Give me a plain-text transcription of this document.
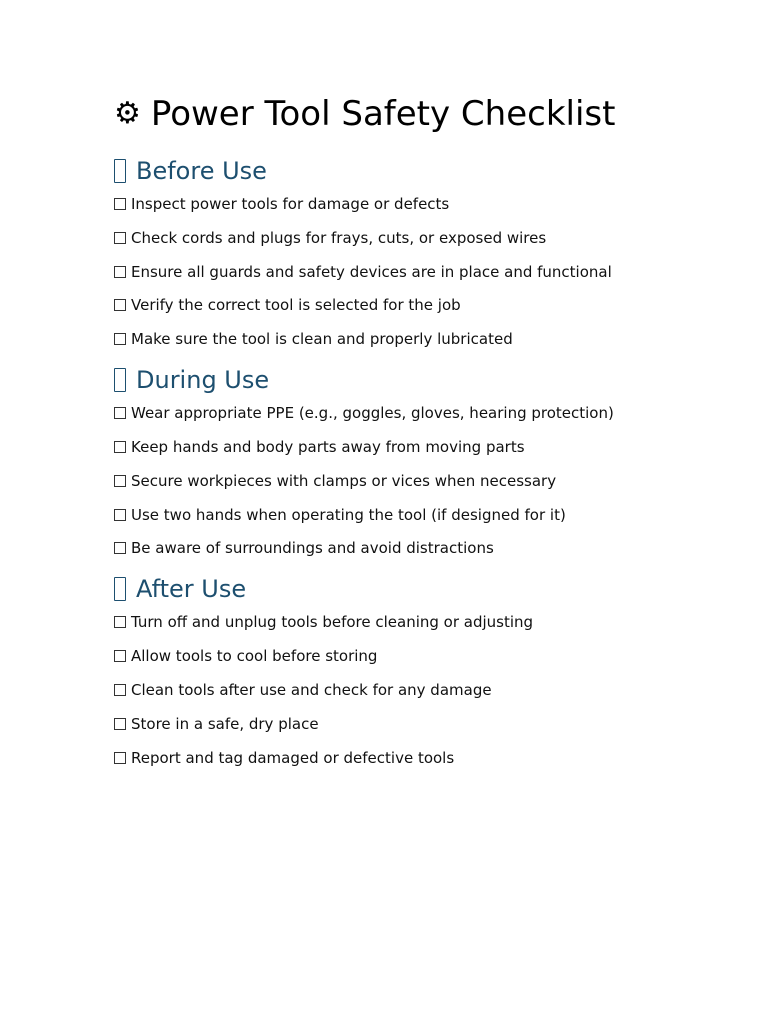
⚙ Power Tool Safety Checklist
Before Use
Inspect power tools for damage or defects
Check cords and plugs for frays, cuts, or exposed wires
Ensure all guards and safety devices are in place and functional
Verify the correct tool is selected for the job
Make sure the tool is clean and properly lubricated
During Use
Wear appropriate PPE (e.g., goggles, gloves, hearing protection)
Keep hands and body parts away from moving parts
Secure workpieces with clamps or vices when necessary
Use two hands when operating the tool (if designed for it)
Be aware of surroundings and avoid distractions
After Use
Turn off and unplug tools before cleaning or adjusting
Allow tools to cool before storing
Clean tools after use and check for any damage
Store in a safe, dry place
Report and tag damaged or defective tools
